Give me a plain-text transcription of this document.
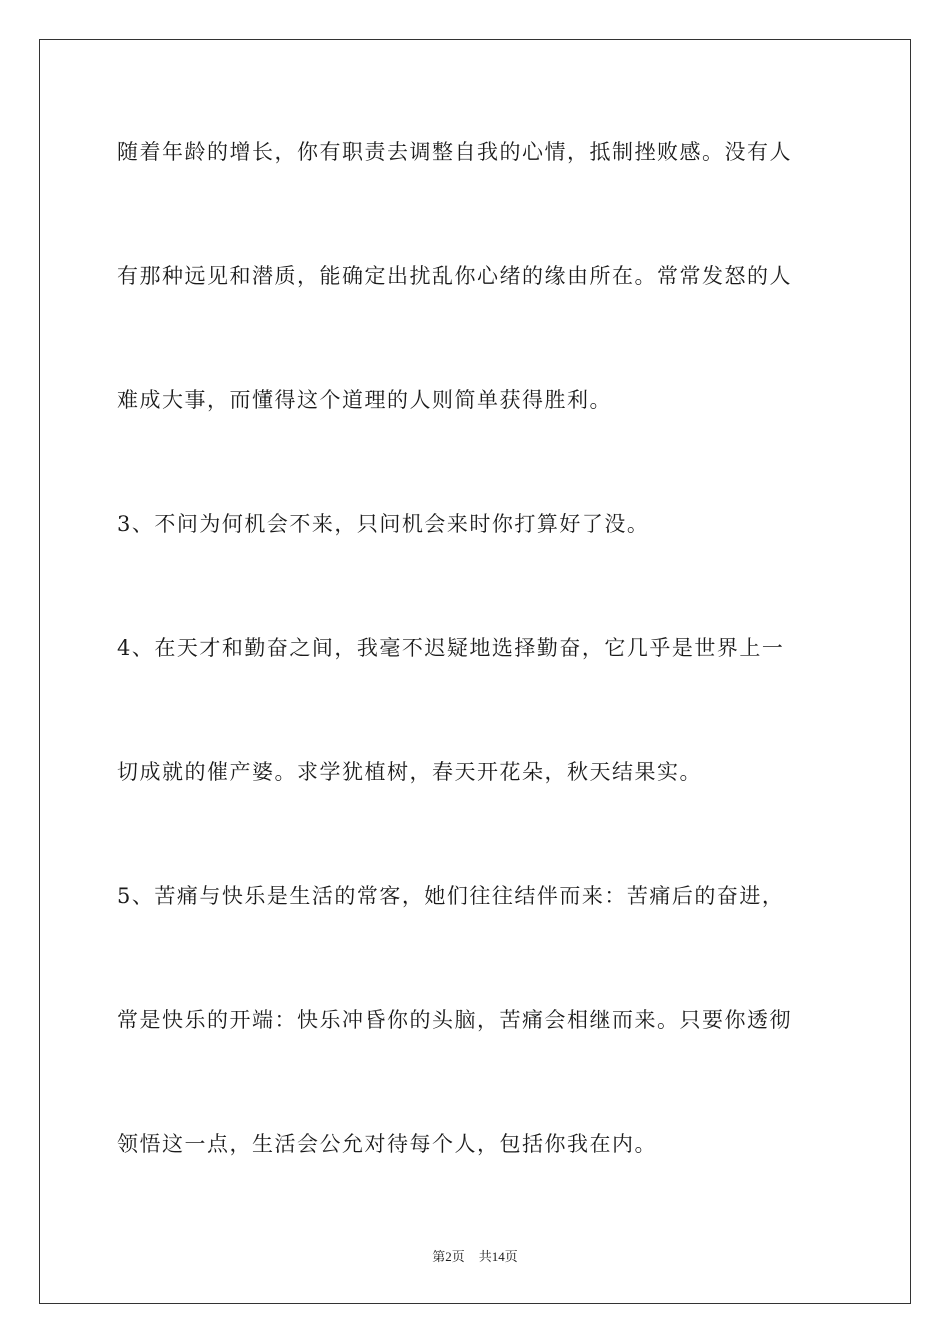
随着年龄的增长，你有职责去调整自我的心情，抵制挫败感。没有人
有那种远见和潜质，能确定出扰乱你心绪的缘由所在。常常发怒的人
难成大事，而懂得这个道理的人则简单获得胜利。
3、不问为何机会不来，只问机会来时你打算好了没。
4、在天才和勤奋之间，我毫不迟疑地选择勤奋，它几乎是世界上一
切成就的催产婆。求学犹植树，春天开花朵，秋天结果实。
5、苦痛与快乐是生活的常客，她们往往结伴而来：苦痛后的奋进，
常是快乐的开端：快乐冲昏你的头脑，苦痛会相继而来。只要你透彻
领悟这一点，生活会公允对待每个人，包括你我在内。
第2页 共14页
